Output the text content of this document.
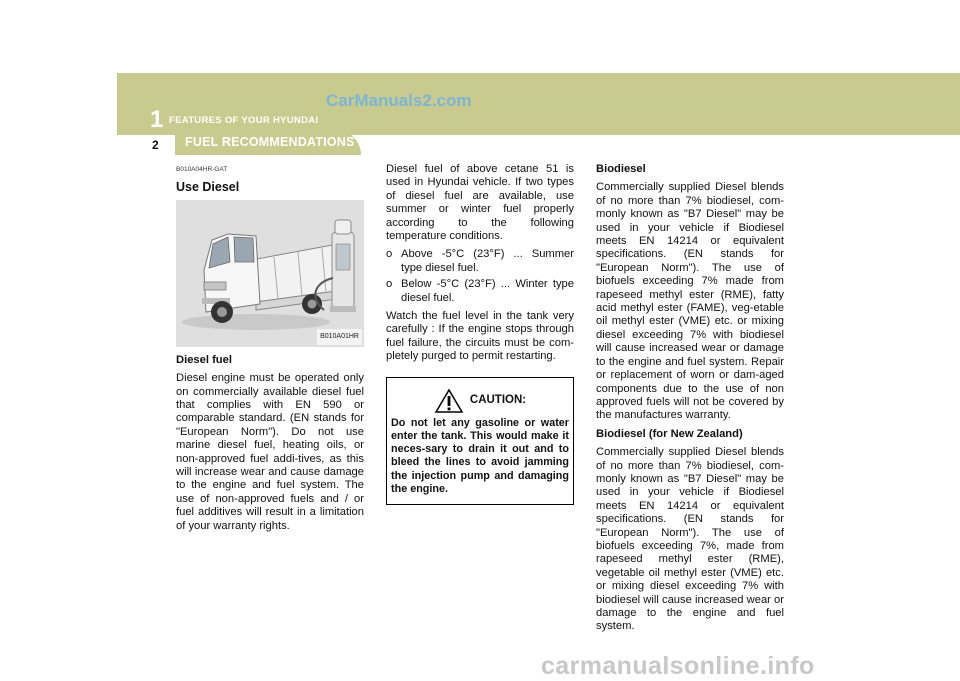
1 FEATURES OF YOUR HYUNDAI
CarManuals2.com
2 FUEL RECOMMENDATIONS

B010A04HR-GAT

Use Diesel

B010A01HR

Diesel fuel

Diesel engine must be operated only on commercially available diesel fuel that complies with EN 590 or comparable standard. (EN stands for "European Norm"). Do not use marine diesel fuel, heating oils, or non-approved fuel addi-tives, as this will increase wear and cause damage to the engine and fuel system. The use of non-approved fuels and / or fuel additives will result in a limitation of your warranty rights.

Diesel fuel of above cetane 51 is used in Hyundai vehicle. If two types of diesel fuel are available, use summer or winter fuel properly according to the following temperature conditions.

o Above -5°C (23°F) ... Summer type diesel fuel.
o Below -5°C (23°F) ... Winter type diesel fuel.

Watch the fuel level in the tank very carefully : If the engine stops through fuel failure, the circuits must be com-pletely purged to permit restarting.

CAUTION:
Do not let any gasoline or water enter the tank. This would make it neces-sary to drain it out and to bleed the lines to avoid jamming the injection pump and damaging the engine.

Biodiesel

Commercially supplied Diesel blends of no more than 7% biodiesel, com-monly known as "B7 Diesel" may be used in your vehicle if Biodiesel meets EN 14214 or equivalent specifications. (EN stands for "European Norm"). The use of biofuels exceeding 7% made from rapeseed methyl ester (RME), fatty acid methyl ester (FAME), veg-etable oil methyl ester (VME) etc. or mixing diesel exceeding 7% with biodiesel will cause increased wear or damage to the engine and fuel system. Repair or replacement of worn or dam-aged components due to the use of non approved fuels will not be covered by the manufactures warranty.

Biodiesel (for New Zealand)

Commercially supplied Diesel blends of no more than 7% biodiesel, com-monly known as "B7 Diesel" may be used in your vehicle if Biodiesel meets EN 14214 or equivalent specifications. (EN stands for "European Norm"). The use of biofuels exceeding 7%, made from rapeseed methyl ester (RME), vegetable oil methyl ester (VME) etc. or mixing diesel exceeding 7% with biodiesel will cause increased wear or damage to the engine and fuel system.

carmanualsonline.info
